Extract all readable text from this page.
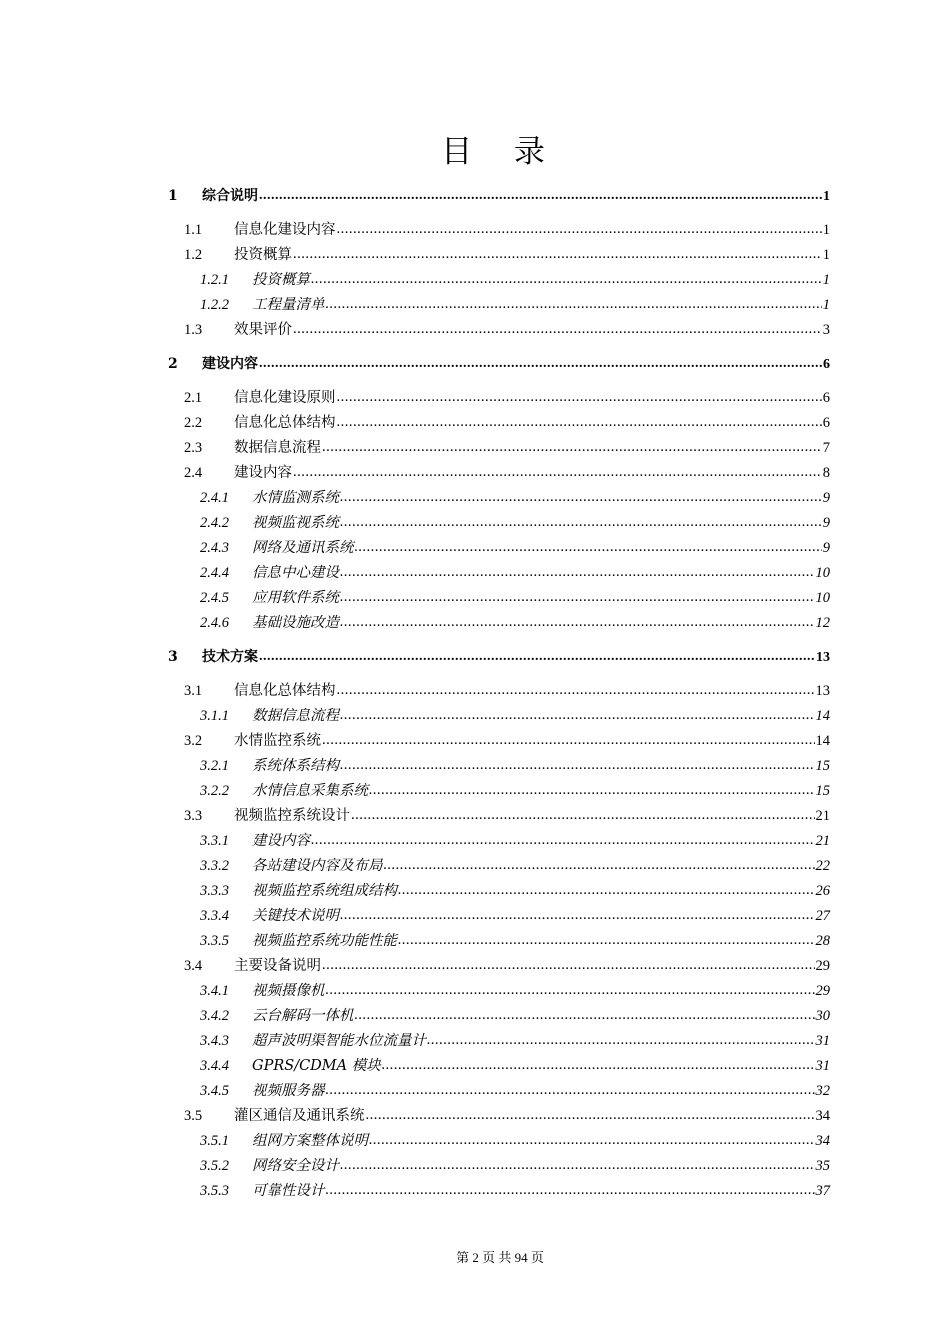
目 录
1	综合说明 .....	1
1.1	信息化建设内容 .....	1
1.2	投资概算 .....	1
1.2.1	投资概算 .....	1
1.2.2	工程量清单 .....	1
1.3	效果评价 .....	3
2	建设内容 .....	6
2.1	信息化建设原则 .....	6
2.2	信息化总体结构 .....	6
2.3	数据信息流程 .....	7
2.4	建设内容 .....	8
2.4.1	水情监测系统 .....	9
2.4.2	视频监视系统 .....	9
2.4.3	网络及通讯系统 .....	9
2.4.4	信息中心建设 .....	10
2.4.5	应用软件系统 .....	10
2.4.6	基础设施改造 .....	12
3	技术方案 .....	13
3.1	信息化总体结构 .....	13
3.1.1	数据信息流程 .....	14
3.2	水情监控系统 .....	14
3.2.1	系统体系结构 .....	15
3.2.2	水情信息采集系统 .....	15
3.3	视频监控系统设计 .....	21
3.3.1	建设内容 .....	21
3.3.2	各站建设内容及布局 .....	22
3.3.3	视频监控系统组成结构 .....	26
3.3.4	关键技术说明 .....	27
3.3.5	视频监控系统功能性能 .....	28
3.4	主要设备说明 .....	29
3.4.1	视频摄像机 .....	29
3.4.2	云台解码一体机 .....	30
3.4.3	超声波明渠智能水位流量计 .....	31
3.4.4	GPRS/CDMA 模块 .....	31
3.4.5	视频服务器 .....	32
3.5	灌区通信及通讯系统 .....	34
3.5.1	组网方案整体说明 .....	34
3.5.2	网络安全设计 .....	35
3.5.3	可靠性设计 .....	37
第 2 页 共 94 页
